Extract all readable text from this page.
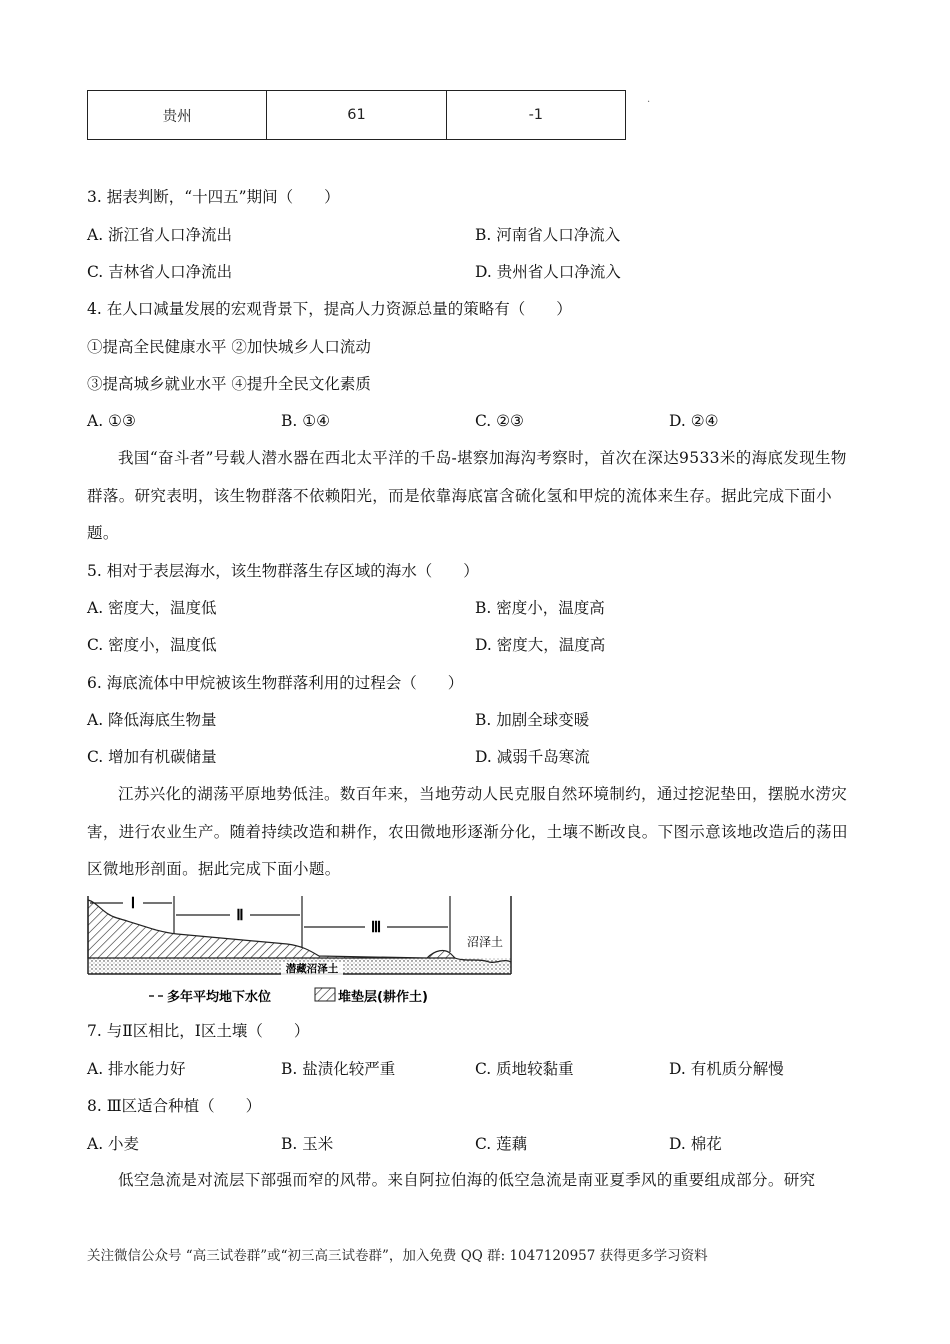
贵州	61	-1
.
3. 据表判断，“十四五”期间（　　）
A. 浙江省人口净流出	B. 河南省人口净流入
C. 吉林省人口净流出	D. 贵州省人口净流入
4. 在人口减量发展的宏观背景下，提高人力资源总量的策略有（　　）
①提高全民健康水平 ②加快城乡人口流动
③提高城乡就业水平 ④提升全民文化素质
A. ①③	B. ①④	C. ②③	D. ②④
我国“奋斗者”号载人潜水器在西北太平洋的千岛-堪察加海沟考察时，首次在深达9533米的海底发现生物群落。研究表明，该生物群落不依赖阳光，而是依靠海底富含硫化氢和甲烷的流体来生存。据此完成下面小题。
5. 相对于表层海水，该生物群落生存区域的海水（　　）
A. 密度大，温度低	B. 密度小，温度高
C. 密度小，温度低	D. 密度大，温度高
6. 海底流体中甲烷被该生物群落利用的过程会（　　）
A. 降低海底生物量	B. 加剧全球变暖
C. 增加有机碳储量	D. 减弱千岛寒流
江苏兴化的湖荡平原地势低洼。数百年来，当地劳动人民克服自然环境制约，通过挖泥垫田，摆脱水涝灾害，进行农业生产。随着持续改造和耕作，农田微地形逐渐分化，土壤不断改良。下图示意该地改造后的荡田区微地形剖面。据此完成下面小题。
Ⅰ
Ⅱ
Ⅲ
沼泽土
潜藏沼泽土
多年平均地下水位	堆垫层(耕作土)
7. 与Ⅱ区相比，Ⅰ区土壤（　　）
A. 排水能力好	B. 盐渍化较严重	C. 质地较黏重	D. 有机质分解慢
8. Ⅲ区适合种植（　　）
A. 小麦	B. 玉米	C. 莲藕	D. 棉花
低空急流是对流层下部强而窄的风带。来自阿拉伯海的低空急流是南亚夏季风的重要组成部分。研究
关注微信公众号 “高三试卷群”或“初三高三试卷群”，加入免费 QQ 群: 1047120957 获得更多学习资料
